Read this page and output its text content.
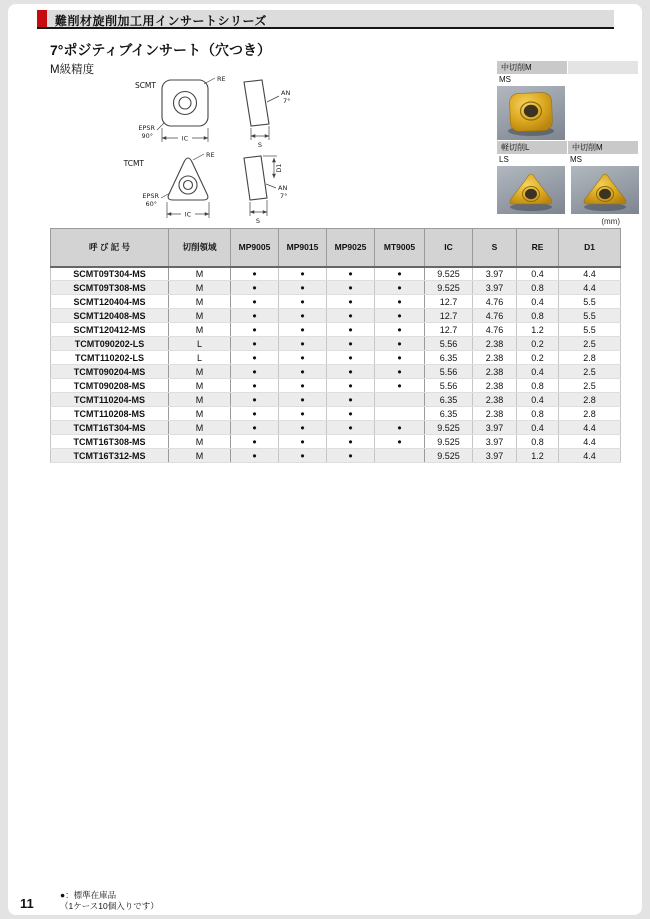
難削材旋削加工用インサートシリーズ
7°ポジティブインサート（穴つき）
M級精度
SCMT
RE
EPSR
90°	IC
S
AN
7°
TCMT
RE
EPSR
60°
IC
D1
S
AN
7°
中切削M
MS
軽切削L	中切削M
LS	MS
(mm)
呼 び 記 号	切削領域	MP9005	MP9015	MP9025	MT9005	IC	S	RE	D1
SCMT09T304-MS	M	●	●	●	●	9.525	3.97	0.4	4.4
SCMT09T308-MS	M	●	●	●	●	9.525	3.97	0.8	4.4
SCMT120404-MS	M	●	●	●	●	12.7	4.76	0.4	5.5
SCMT120408-MS	M	●	●	●	●	12.7	4.76	0.8	5.5
SCMT120412-MS	M	●	●	●	●	12.7	4.76	1.2	5.5
TCMT090202-LS	L	●	●	●	●	5.56	2.38	0.2	2.5
TCMT110202-LS	L	●	●	●	●	6.35	2.38	0.2	2.8
TCMT090204-MS	M	●	●	●	●	5.56	2.38	0.4	2.5
TCMT090208-MS	M	●	●	●	●	5.56	2.38	0.8	2.5
TCMT110204-MS	M	●	●	●		6.35	2.38	0.4	2.8
TCMT110208-MS	M	●	●	●		6.35	2.38	0.8	2.8
TCMT16T304-MS	M	●	●	●	●	9.525	3.97	0.4	4.4
TCMT16T308-MS	M	●	●	●	●	9.525	3.97	0.8	4.4
TCMT16T312-MS	M	●	●	●		9.525	3.97	1.2	4.4
●：標準在庫品
（1ケース10個入りです）
11
